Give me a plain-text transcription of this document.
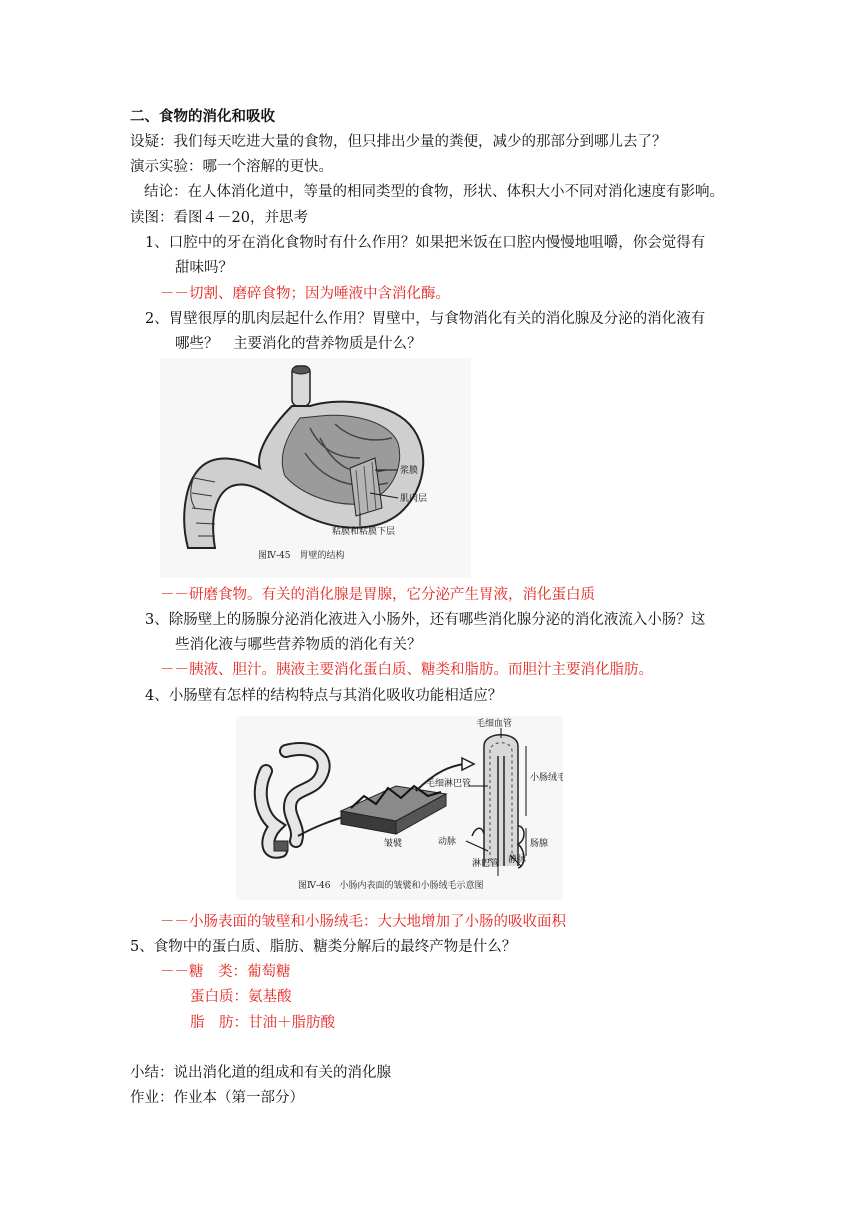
二、食物的消化和吸收
设疑：我们每天吃进大量的食物，但只排出少量的粪便，减少的那部分到哪儿去了？
演示实验：哪一个溶解的更快。
结论：在人体消化道中，等量的相同类型的食物，形状、体积大小不同对消化速度有影响。
读图：看图４－20，并思考
1、口腔中的牙在消化食物时有什么作用？如果把米饭在口腔内慢慢地咀嚼，你会觉得有
甜味吗？
－－切割、磨碎食物；因为唾液中含消化酶。
2、胃壁很厚的肌肉层起什么作用？胃壁中，与食物消化有关的消化腺及分泌的消化液有
哪些？　主要消化的营养物质是什么？
浆膜
肌肉层
粘膜和粘膜下层
图Ⅳ-45　胃壁的结构
－－研磨食物。有关的消化腺是胃腺，它分泌产生胃液，消化蛋白质
3、除肠壁上的肠腺分泌消化液进入小肠外，还有哪些消化腺分泌的消化液流入小肠？这
些消化液与哪些营养物质的消化有关？
－－胰液、胆汁。胰液主要消化蛋白质、糖类和脂肪。而胆汁主要消化脂肪。
4、小肠壁有怎样的结构特点与其消化吸收功能相适应？
毛细血管
小肠绒毛
毛细淋巴管
皱襞	动脉
淋巴管 静脉
肠腺
图Ⅳ-46　小肠内表面的皱襞和小肠绒毛示意图
－－小肠表面的皱壁和小肠绒毛：大大地增加了小肠的吸收面积
5、食物中的蛋白质、脂肪、糖类分解后的最终产物是什么？
－－糖　类：葡萄糖
蛋白质：氨基酸
脂　肪：甘油＋脂肪酸
小结：说出消化道的组成和有关的消化腺
作业：作业本（第一部分）
